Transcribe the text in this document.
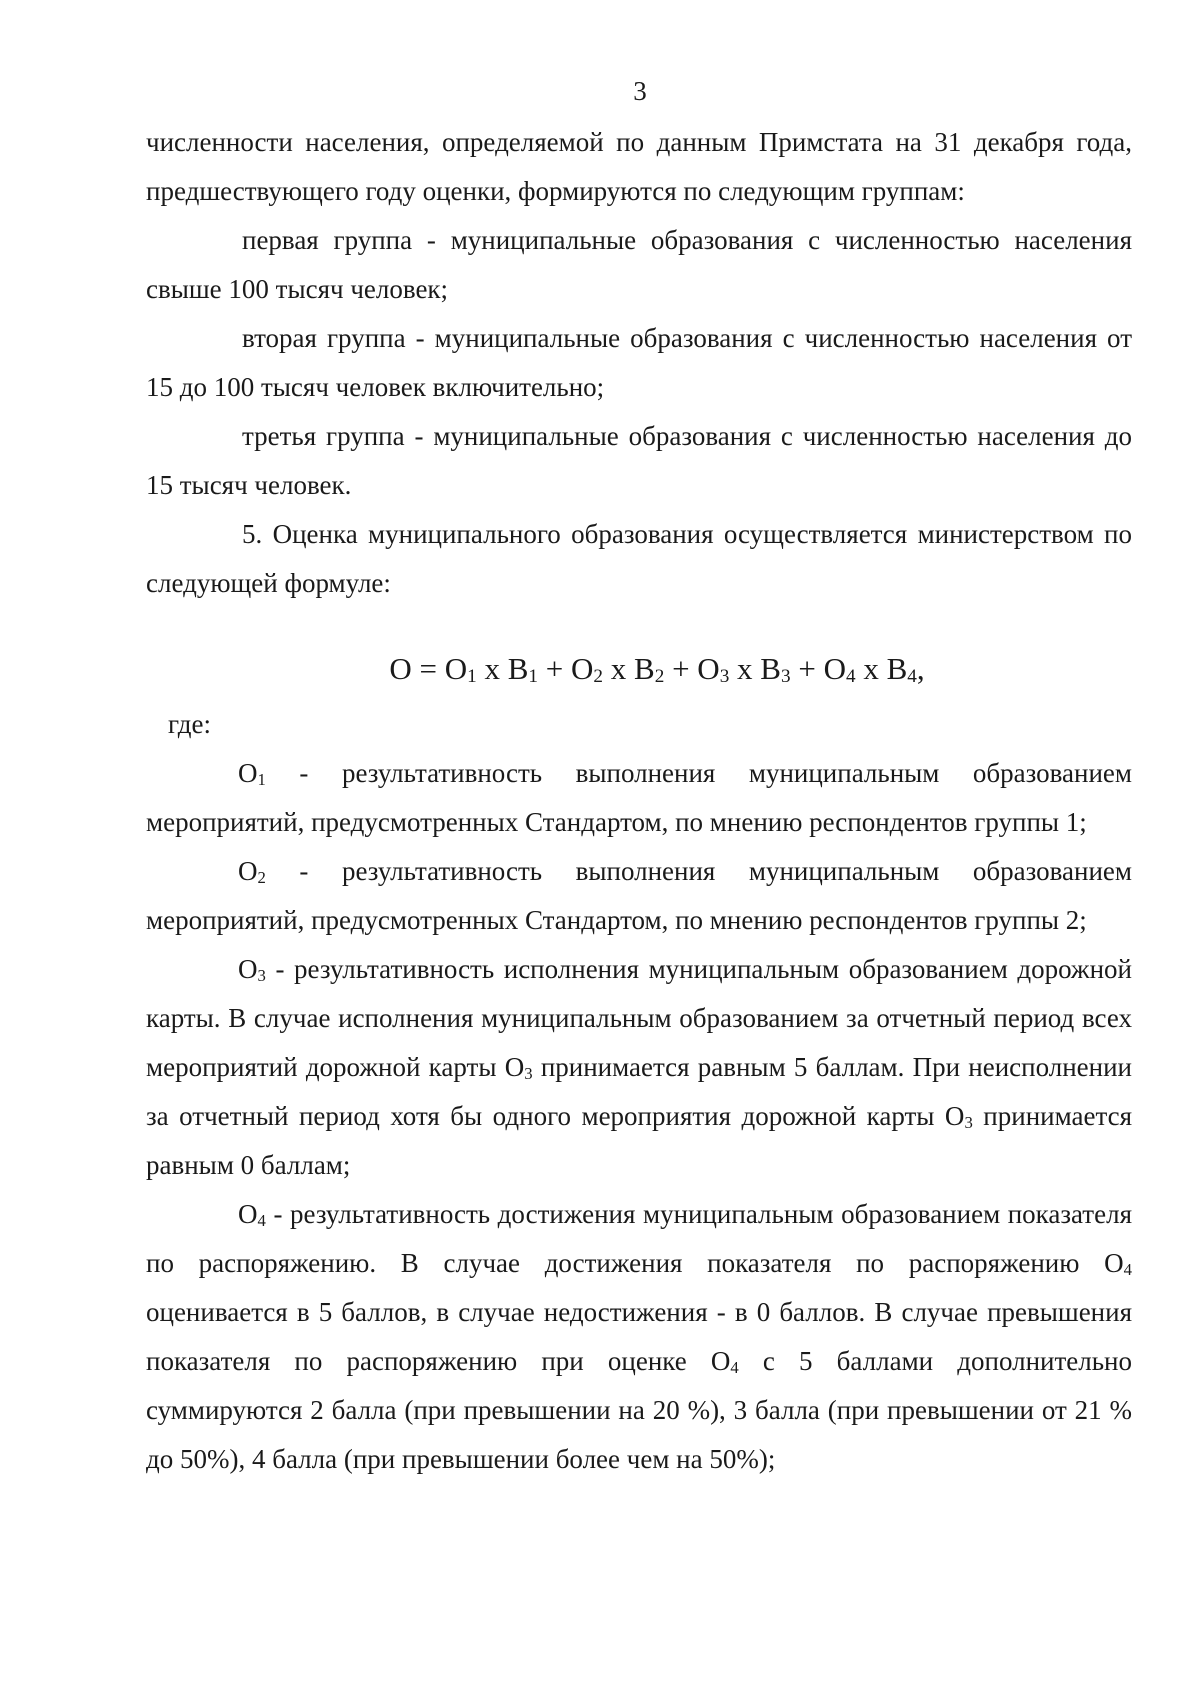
3

численности населения, определяемой по данным Примстата на 31 декабря года, предшествующего году оценки, формируются по следующим группам:

первая группа - муниципальные образования с численностью населения свыше 100 тысяч человек;

вторая группа - муниципальные образования с численностью населения от 15 до 100 тысяч человек включительно;

третья группа - муниципальные образования с численностью населения до 15 тысяч человек.

5. Оценка муниципального образования осуществляется министерством по следующей формуле:

$О = О_1$ х $В_1 + О_2$ х $В_2 + О_3$ х $В_3 + О_4$ х $В_4$,

где:

$О_1$ - результативность выполнения муниципальным образованием мероприятий, предусмотренных Стандартом, по мнению респондентов группы 1;

$О_2$ - результативность выполнения муниципальным образованием мероприятий, предусмотренных Стандартом, по мнению респондентов группы 2;

$О_3$ - результативность исполнения муниципальным образованием дорожной карты. В случае исполнения муниципальным образованием за отчетный период всех мероприятий дорожной карты $О_3$ принимается равным 5 баллам. При неисполнении за отчетный период хотя бы одного мероприятия дорожной карты $О_3$ принимается равным 0 баллам;

$О_4$ - результативность достижения муниципальным образованием показателя по распоряжению. В случае достижения показателя по распоряжению $О_4$ оценивается в 5 баллов, в случае недостижения - в 0 баллов. В случае превышения показателя по распоряжению при оценке $О_4$ с 5 баллами дополнительно суммируются 2 балла (при превышении на 20 %), 3 балла (при превышении от 21 % до 50%), 4 балла (при превышении более чем на 50%);
